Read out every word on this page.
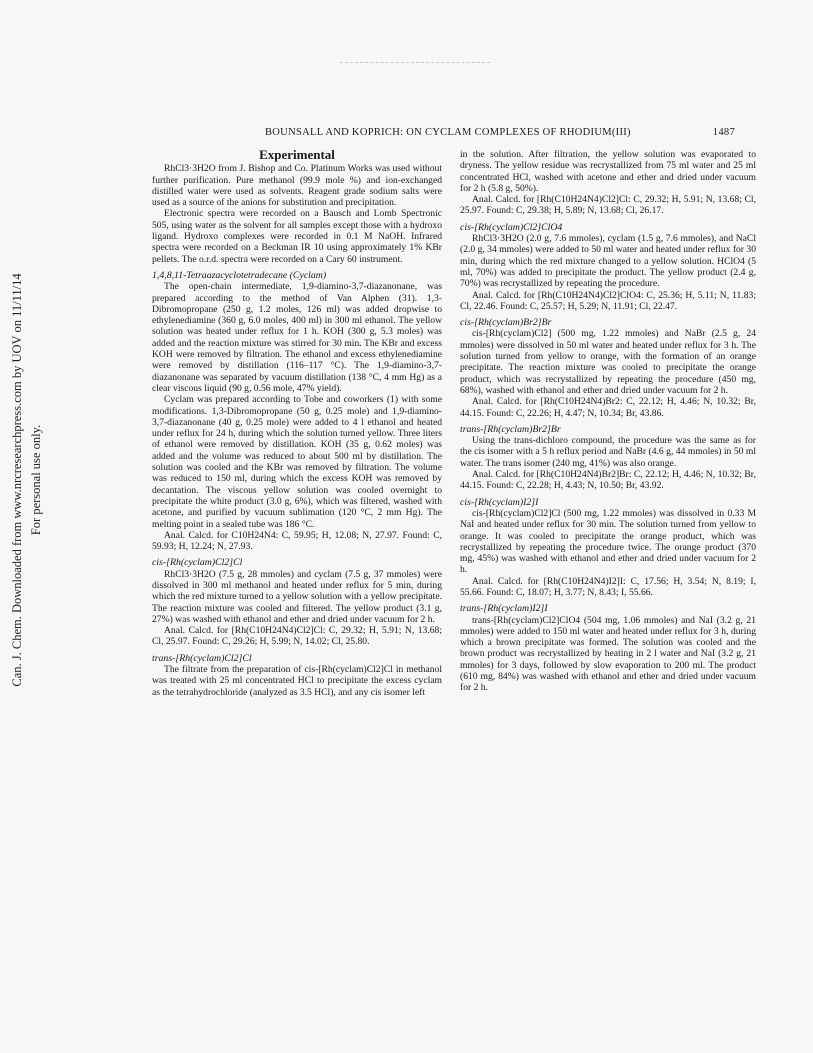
Can. J. Chem. Downloaded from www.nrcresearchpress.com by UOV on 11/11/14 For personal use only.
BOUNSALL AND KOPRICH: ON CYCLAM COMPLEXES OF RHODIUM(III)	1487
Experimental

RhCl3·3H2O from J. Bishop and Co. Platinum Works was used without further purification. Pure methanol (99.9 mole %) and ion-exchanged distilled water were used as solvents. Reagent grade sodium salts were used as a source of the anions for substitution and precipitation.

Electronic spectra were recorded on a Bausch and Lomb Spectronic 505, using water as the solvent for all samples except those with a hydroxo ligand. Hydroxo complexes were recorded in 0.1 M NaOH. Infrared spectra were recorded on a Beckman IR 10 using approximately 1% KBr pellets. The o.r.d. spectra were recorded on a Cary 60 instrument.

1,4,8,11-Tetraazacyclotetradecane (Cyclam)

The open-chain intermediate, 1,9-diamino-3,7-diazanonane, was prepared according to the method of Van Alphen (31). 1,3-Dibromopropane (250 g, 1.2 moles, 126 ml) was added dropwise to ethylenediamine (360 g, 6.0 moles, 400 ml) in 300 ml ethanol. The yellow solution was heated under reflux for 1 h. KOH (300 g, 5.3 moles) was added and the reaction mixture was stirred for 30 min. The KBr and excess KOH were removed by filtration. The ethanol and excess ethylenediamine were removed by distillation (116–117 °C). The 1,9-diamino-3,7-diazanonane was separated by vacuum distillation (138 °C, 4 mm Hg) as a clear viscous liquid (90 g, 0.56 mole, 47% yield).

Cyclam was prepared according to Tobe and coworkers (1) with some modifications. 1,3-Dibromopropane (50 g, 0.25 mole) and 1,9-diamino-3,7-diazanonane (40 g, 0.25 mole) were added to 4 l ethanol and heated under reflux for 24 h, during which the solution turned yellow. Three liters of ethanol were removed by distillation. KOH (35 g, 0.62 moles) was added and the volume was reduced to about 500 ml by distillation. The solution was cooled and the KBr was removed by filtration. The volume was reduced to 150 ml, during which the excess KOH was removed by decantation. The viscous yellow solution was cooled overnight to precipitate the white product (3.0 g, 6%), which was filtered, washed with acetone, and purified by vacuum sublimation (120 °C, 2 mm Hg). The melting point in a sealed tube was 186 °C.

Anal. Calcd. for C10H24N4: C, 59.95; H, 12.08; N, 27.97. Found: C, 59.93; H, 12.24; N, 27.93.

cis-[Rh(cyclam)Cl2]Cl

RhCl3·3H2O (7.5 g, 28 mmoles) and cyclam (7.5 g, 37 mmoles) were dissolved in 300 ml methanol and heated under reflux for 5 min, during which the red mixture turned to a yellow solution with a yellow precipitate. The reaction mixture was cooled and filtered. The yellow product (3.1 g, 27%) was washed with ethanol and ether and dried under vacuum for 2 h.

Anal. Calcd. for [Rh(C10H24N4)Cl2]Cl: C, 29.32; H, 5.91; N, 13.68; Cl, 25.97. Found: C, 29.26; H, 5.99; N, 14.02; Cl, 25.80.

trans-[Rh(cyclam)Cl2]Cl

The filtrate from the preparation of cis-[Rh(cyclam)Cl2]Cl in methanol was treated with 25 ml concentrated HCl to precipitate the excess cyclam as the tetrahydrochloride (analyzed as 3.5 HCl), and any cis isomer left

in the solution. After filtration, the yellow solution was evaporated to dryness. The yellow residue was recrystallized from 75 ml water and 25 ml concentrated HCl, washed with acetone and ether and dried under vacuum for 2 h (5.8 g, 50%).

Anal. Calcd. for [Rh(C10H24N4)Cl2]Cl: C, 29.32; H, 5.91; N, 13.68; Cl, 25.97. Found: C, 29.38; H, 5.89; N, 13.68; Cl, 26.17.

cis-[Rh(cyclam)Cl2]ClO4

RhCl3·3H2O (2.0 g, 7.6 mmoles), cyclam (1.5 g, 7.6 mmoles), and NaCl (2.0 g, 34 mmoles) were added to 50 ml water and heated under reflux for 30 min, during which the red mixture changed to a yellow solution. HClO4 (5 ml, 70%) was added to precipitate the product. The yellow product (2.4 g, 70%) was recrystallized by repeating the procedure.

Anal. Calcd. for [Rh(C10H24N4)Cl2]ClO4: C, 25.36; H, 5.11; N, 11.83; Cl, 22.46. Found: C, 25.57; H, 5.29; N, 11.91; Cl, 22.47.

cis-[Rh(cyclam)Br2]Br

cis-[Rh(cyclam)Cl2] (500 mg, 1.22 mmoles) and NaBr (2.5 g, 24 mmoles) were dissolved in 50 ml water and heated under reflux for 3 h. The solution turned from yellow to orange, with the formation of an orange precipitate. The reaction mixture was cooled to precipitate the orange product, which was recrystallized by repeating the procedure (450 mg, 68%), washed with ethanol and ether and dried under vacuum for 2 h.

Anal. Calcd. for [Rh(C10H24N4)Br2: C, 22.12; H, 4.46; N, 10.32; Br, 44.15. Found: C, 22.26; H, 4.47; N, 10.34; Br, 43.86.

trans-[Rh(cyclam)Br2]Br

Using the trans-dichloro compound, the procedure was the same as for the cis isomer with a 5 h reflux period and NaBr (4.6 g, 44 mmoles) in 50 ml water. The trans isomer (240 mg, 41%) was also orange.

Anal. Calcd. for [Rh(C10H24N4)Br2]Br: C, 22.12; H, 4.46; N, 10.32; Br, 44.15. Found: C, 22.28; H, 4.43; N, 10.50; Br, 43.92.

cis-[Rh(cyclam)I2]I

cis-[Rh(cyclam)Cl2]Cl (500 mg, 1.22 mmoles) was dissolved in 0.33 M NaI and heated under reflux for 30 min. The solution turned from yellow to orange. It was cooled to precipitate the orange product, which was recrystallized by repeating the procedure twice. The orange product (370 mg, 45%) was washed with ethanol and ether and dried under vacuum for 2 h.

Anal. Calcd. for [Rh(C10H24N4)I2]I: C, 17.56; H, 3.54; N, 8.19; I, 55.66. Found: C, 18.07; H, 3.77; N, 8.43; I, 55.66.

trans-[Rh(cyclam)I2]I

trans-[Rh(cyclam)Cl2]ClO4 (504 mg, 1.06 mmoles) and NaI (3.2 g, 21 mmoles) were added to 150 ml water and heated under reflux for 3 h, during which a brown precipitate was formed. The solution was cooled and the brown product was recrystallized by heating in 2 l water and NaI (3.2 g, 21 mmoles) for 3 days, followed by slow evaporation to 200 ml. The product (610 mg, 84%) was washed with ethanol and ether and dried under vacuum for 2 h.
